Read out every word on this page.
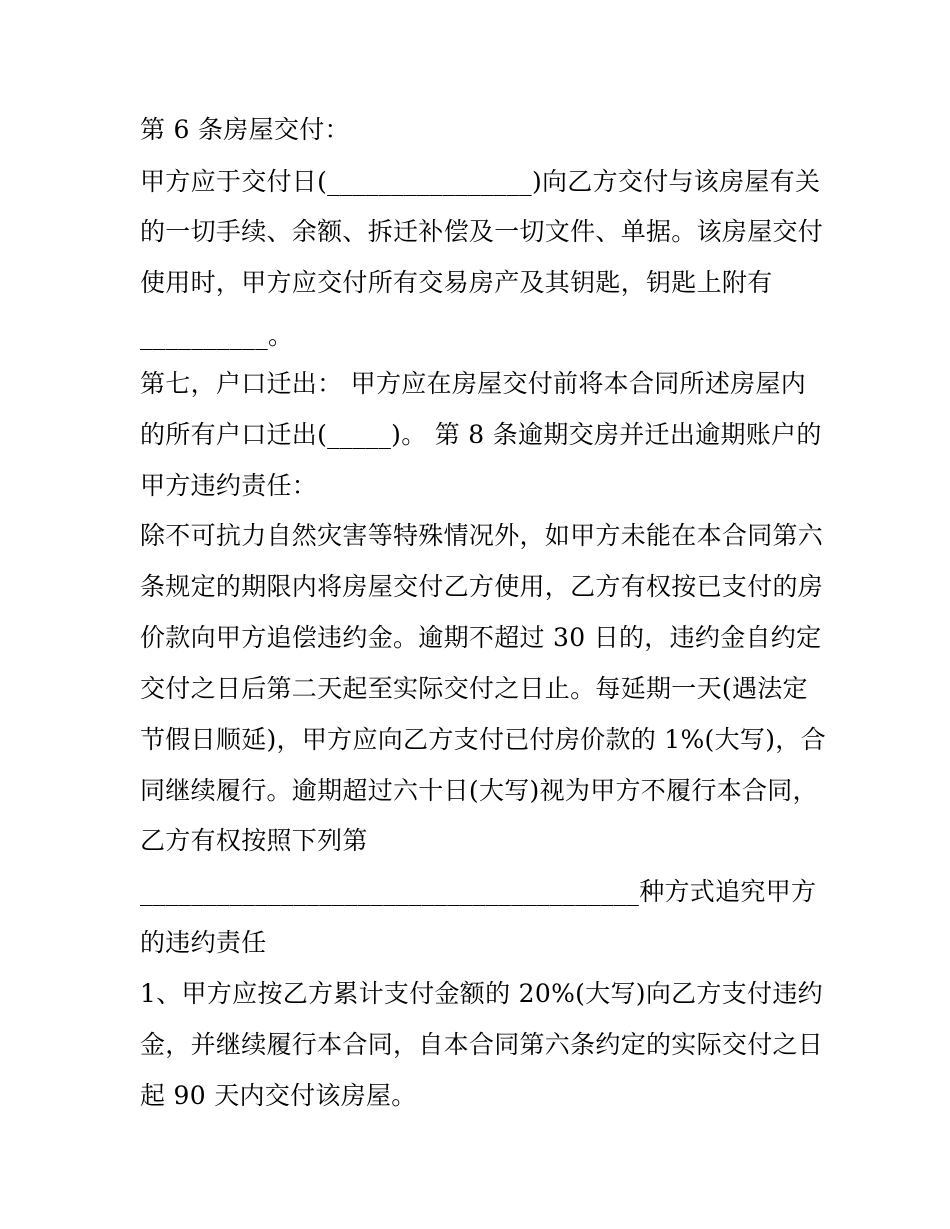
第 6 条房屋交付：
甲方应于交付日(________________)向乙方交付与该房屋有关
的一切手续、余额、拆迁补偿及一切文件、单据。该房屋交付
使用时，甲方应交付所有交易房产及其钥匙，钥匙上附有
__________。
第七，户口迁出： 甲方应在房屋交付前将本合同所述房屋内
的所有户口迁出(_____)。 第 8 条逾期交房并迁出逾期账户的
甲方违约责任：
除不可抗力自然灾害等特殊情况外，如甲方未能在本合同第六
条规定的期限内将房屋交付乙方使用，乙方有权按已支付的房
价款向甲方追偿违约金。逾期不超过 30 日的，违约金自约定
交付之日后第二天起至实际交付之日止。每延期一天(遇法定
节假日顺延)，甲方应向乙方支付已付房价款的 1%(大写)，合
同继续履行。逾期超过六十日(大写)视为甲方不履行本合同，
乙方有权按照下列第
_______________________________________种方式追究甲方
的违约责任
1、甲方应按乙方累计支付金额的 20%(大写)向乙方支付违约
金，并继续履行本合同，自本合同第六条约定的实际交付之日
起 90 天内交付该房屋。
